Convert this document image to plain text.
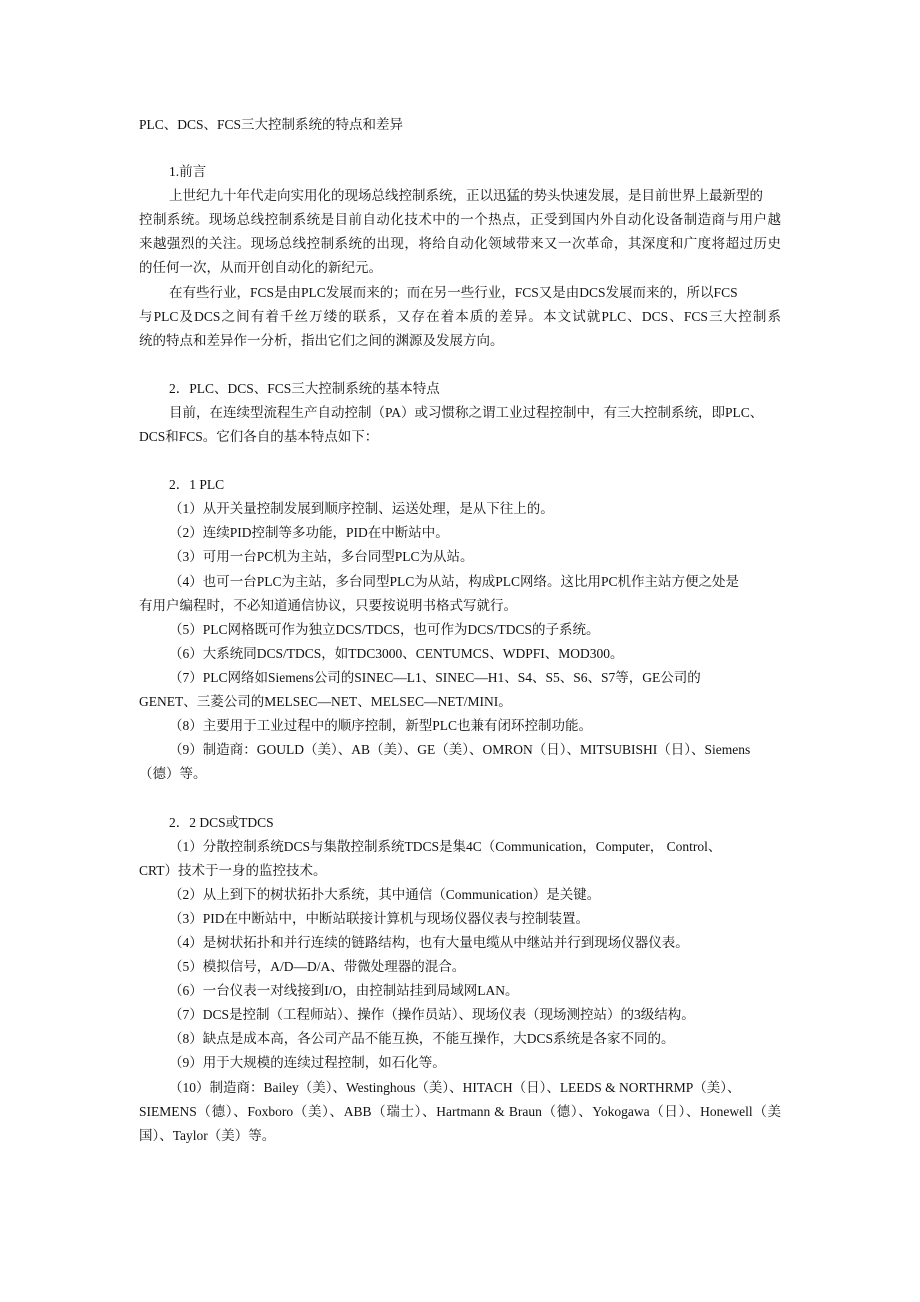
PLC、DCS、FCS三大控制系统的特点和差异
1.前言
上世纪九十年代走向实用化的现场总线控制系统，正以迅猛的势头快速发展，是目前世界上最新型的
控制系统。现场总线控制系统是目前自动化技术中的一个热点，正受到国内外自动化设备制造商与用户越
来越强烈的关注。现场总线控制系统的出现，将给自动化领域带来又一次革命，其深度和广度将超过历史
的任何一次，从而开创自动化的新纪元。
在有些行业，FCS是由PLC发展而来的；而在另一些行业，FCS又是由DCS发展而来的，所以FCS
与PLC及DCS之间有着千丝万缕的联系，又存在着本质的差异。本文试就PLC、DCS、FCS三大控制系
统的特点和差异作一分析，指出它们之间的渊源及发展方向。
2．PLC、DCS、FCS三大控制系统的基本特点
目前，在连续型流程生产自动控制（PA）或习惯称之谓工业过程控制中，有三大控制系统，即PLC、
DCS和FCS。它们各自的基本特点如下：
2．1 PLC
（1）从开关量控制发展到顺序控制、运送处理，是从下往上的。
（2）连续PID控制等多功能，PID在中断站中。
（3）可用一台PC机为主站，多台同型PLC为从站。
（4）也可一台PLC为主站，多台同型PLC为从站，构成PLC网络。这比用PC机作主站方便之处是
有用户编程时，不必知道通信协议，只要按说明书格式写就行。
（5）PLC网格既可作为独立DCS/TDCS，也可作为DCS/TDCS的子系统。
（6）大系统同DCS/TDCS，如TDC3000、CENTUMCS、WDPFI、MOD300。
（7）PLC网络如Siemens公司的SINEC—L1、SINEC—H1、S4、S5、S6、S7等，GE公司的
GENET、三菱公司的MELSEC—NET、MELSEC—NET/MINI。
（8）主要用于工业过程中的顺序控制，新型PLC也兼有闭环控制功能。
（9）制造商：GOULD（美）、AB（美）、GE（美）、OMRON（日）、MITSUBISHI（日）、Siemens
（德）等。
2．2 DCS或TDCS
（1）分散控制系统DCS与集散控制系统TDCS是集4C（Communication，Computer， Control、
CRT）技术于一身的监控技术。
（2）从上到下的树状拓扑大系统，其中通信（Communication）是关键。
（3）PID在中断站中，中断站联接计算机与现场仪器仪表与控制装置。
（4）是树状拓扑和并行连续的链路结构，也有大量电缆从中继站并行到现场仪器仪表。
（5）模拟信号，A/D—D/A、带微处理器的混合。
（6）一台仪表一对线接到I/O，由控制站挂到局域网LAN。
（7）DCS是控制（工程师站）、操作（操作员站）、现场仪表（现场测控站）的3级结构。
（8）缺点是成本高，各公司产品不能互换，不能互操作，大DCS系统是各家不同的。
（9）用于大规模的连续过程控制，如石化等。
（10）制造商：Bailey（美）、Westinghous（美）、HITACH（日）、LEEDS & NORTHRMP（美）、
SIEMENS（德）、Foxboro（美）、ABB（瑞士）、Hartmann & Braun（德）、Yokogawa（日）、Honewell（美
国）、Taylor（美）等。
